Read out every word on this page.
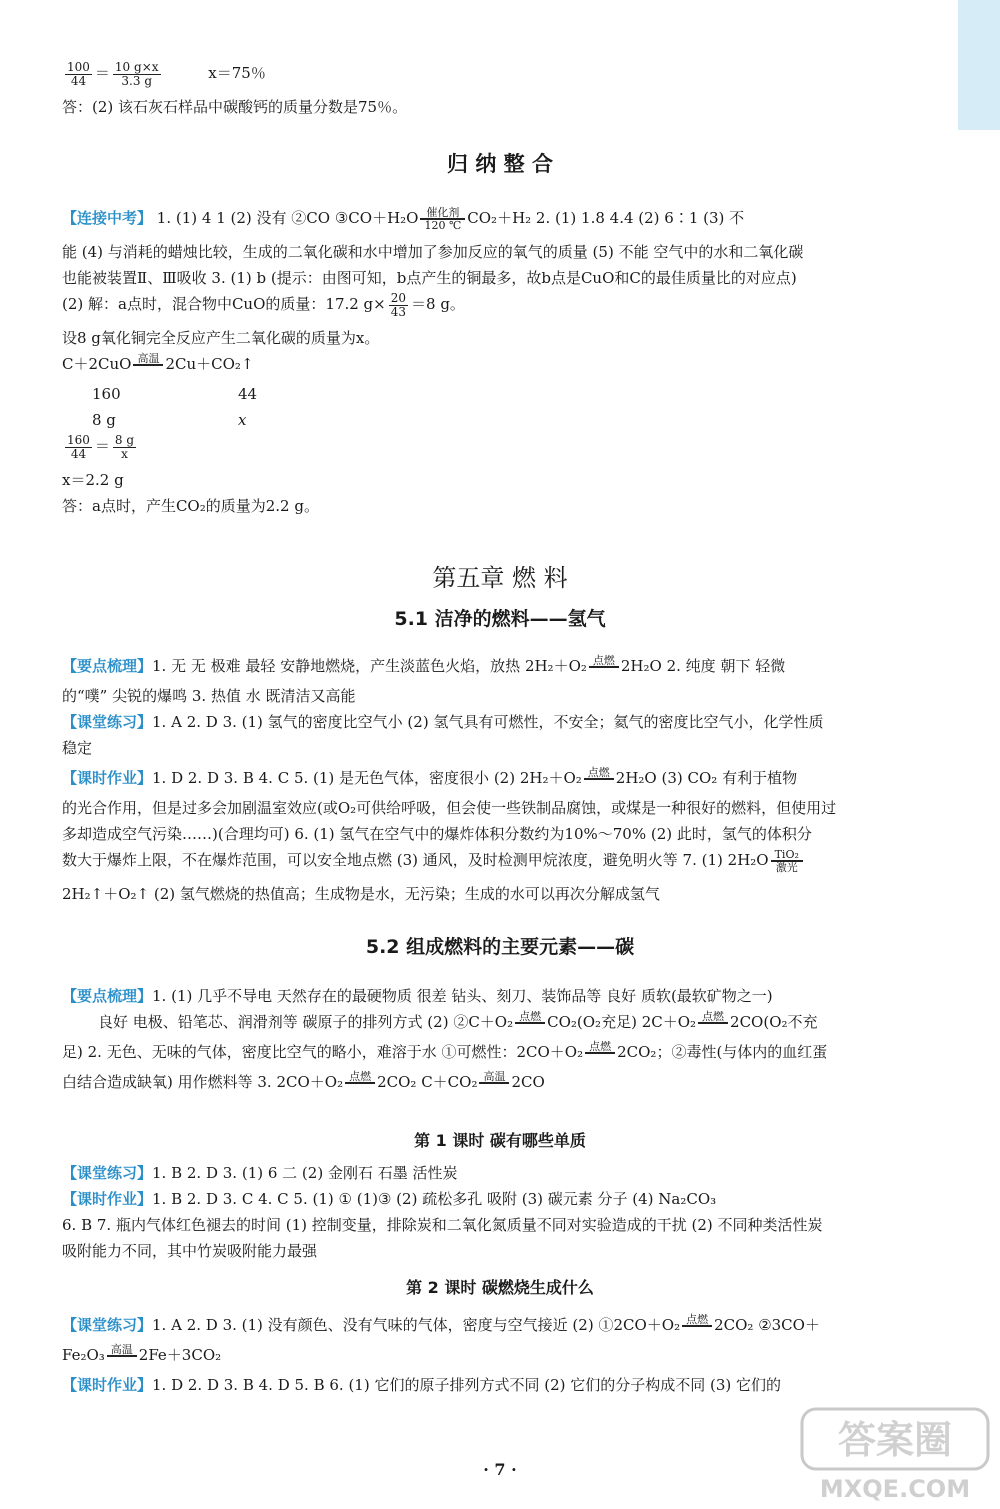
$\frac{100}{44} = \frac{10 g\times x}{3.3 g}$	x＝75％
答：(2) 该石灰石样品中碳酸钙的质量分数是75％。
归 纳 整 合
【连接中考】 1. (1) 4 1 (2) 没有 ②CO ③CO＋H₂O 催化剂
120 ℃ CO₂＋H₂ 2. (1) 1.8 4.4 (2) 6∶1 (3) 不
能 (4) 与消耗的蜡烛比较，生成的二氧化碳和水中增加了参加反应的氧气的质量 (5) 不能 空气中的水和二氧化碳
也能被装置Ⅱ、Ⅲ吸收 3. (1) b (提示：由图可知，b点产生的铜最多，故b点是CuO和C的最佳质量比的对应点)
(2) 解：a点时，混合物中CuO的质量：17.2 $g\times \frac{20}{43} =8$ g。
设8 g氧化铜完全反应产生二氧化碳的质量为x。
C＋2CuO 高温 2Cu＋CO₂↑
160	44
8 g	x
$\frac{160}{44} = \frac{8 g}{x}$
x＝2.2 g
答：a点时，产生CO₂的质量为2.2 g。
第五章 燃 料
5.1 洁净的燃料——氢气
【要点梳理】1. 无 无 极难 最轻 安静地燃烧，产生淡蓝色火焰，放热 2H₂＋O₂ 点燃 2H₂O 2. 纯度 朝下 轻微
的“噗” 尖锐的爆鸣 3. 热值 水 既清洁又高能
【课堂练习】1. A 2. D 3. (1) 氢气的密度比空气小 (2) 氢气具有可燃性，不安全；氦气的密度比空气小，化学性质
稳定
【课时作业】1. D 2. D 3. B 4. C 5. (1) 是无色气体，密度很小 (2) 2H₂＋O₂ 点燃 2H₂O (3) CO₂ 有利于植物
的光合作用，但是过多会加剧温室效应(或O₂可供给呼吸，但会使一些铁制品腐蚀，或煤是一种很好的燃料，但使用过
多却造成空气污染……)(合理均可) 6. (1) 氢气在空气中的爆炸体积分数约为10%～70% (2) 此时，氢气的体积分
数大于爆炸上限，不在爆炸范围，可以安全地点燃 (3) 通风，及时检测甲烷浓度，避免明火等 7. (1) 2H₂O TiO₂
激光
2H₂↑＋O₂↑ (2) 氢气燃烧的热值高；生成物是水，无污染；生成的水可以再次分解成氢气
5.2 组成燃料的主要元素——碳
【要点梳理】1. (1) 几乎不导电 天然存在的最硬物质 很差 钻头、刻刀、装饰品等 良好 质软(最软矿物之一)
良好 电极、铅笔芯、润滑剂等 碳原子的排列方式 (2) ②C＋O₂ 点燃 CO₂(O₂充足) 2C＋O₂ 点燃 2CO(O₂不充
足) 2. 无色、无味的气体，密度比空气的略小，难溶于水 ①可燃性：2CO＋O₂ 点燃 2CO₂；②毒性(与体内的血红蛋
白结合造成缺氧) 用作燃料等 3. 2CO＋O₂ 点燃 2CO₂ C＋CO₂ 高温 2CO
第 1 课时 碳有哪些单质
【课堂练习】1. B 2. D 3. (1) 6 二 (2) 金刚石 石墨 活性炭
【课时作业】1. B 2. D 3. C 4. C 5. (1) ① (1)③ (2) 疏松多孔 吸附 (3) 碳元素 分子 (4) Na₂CO₃
6. B 7. 瓶内气体红色褪去的时间 (1) 控制变量，排除炭和二氧化氮质量不同对实验造成的干扰 (2) 不同种类活性炭
吸附能力不同，其中竹炭吸附能力最强
第 2 课时 碳燃烧生成什么
【课堂练习】1. A 2. D 3. (1) 没有颜色、没有气味的气体，密度与空气接近 (2) ①2CO＋O₂ 点燃 2CO₂ ②3CO＋
Fe₂O₃ 高温 2Fe＋3CO₂
【课时作业】1. D 2. D 3. B 4. D 5. B 6. (1) 它们的原子排列方式不同 (2) 它们的分子构成不同 (3) 它们的
· 7 ·
答案圈
MXQE.COM
